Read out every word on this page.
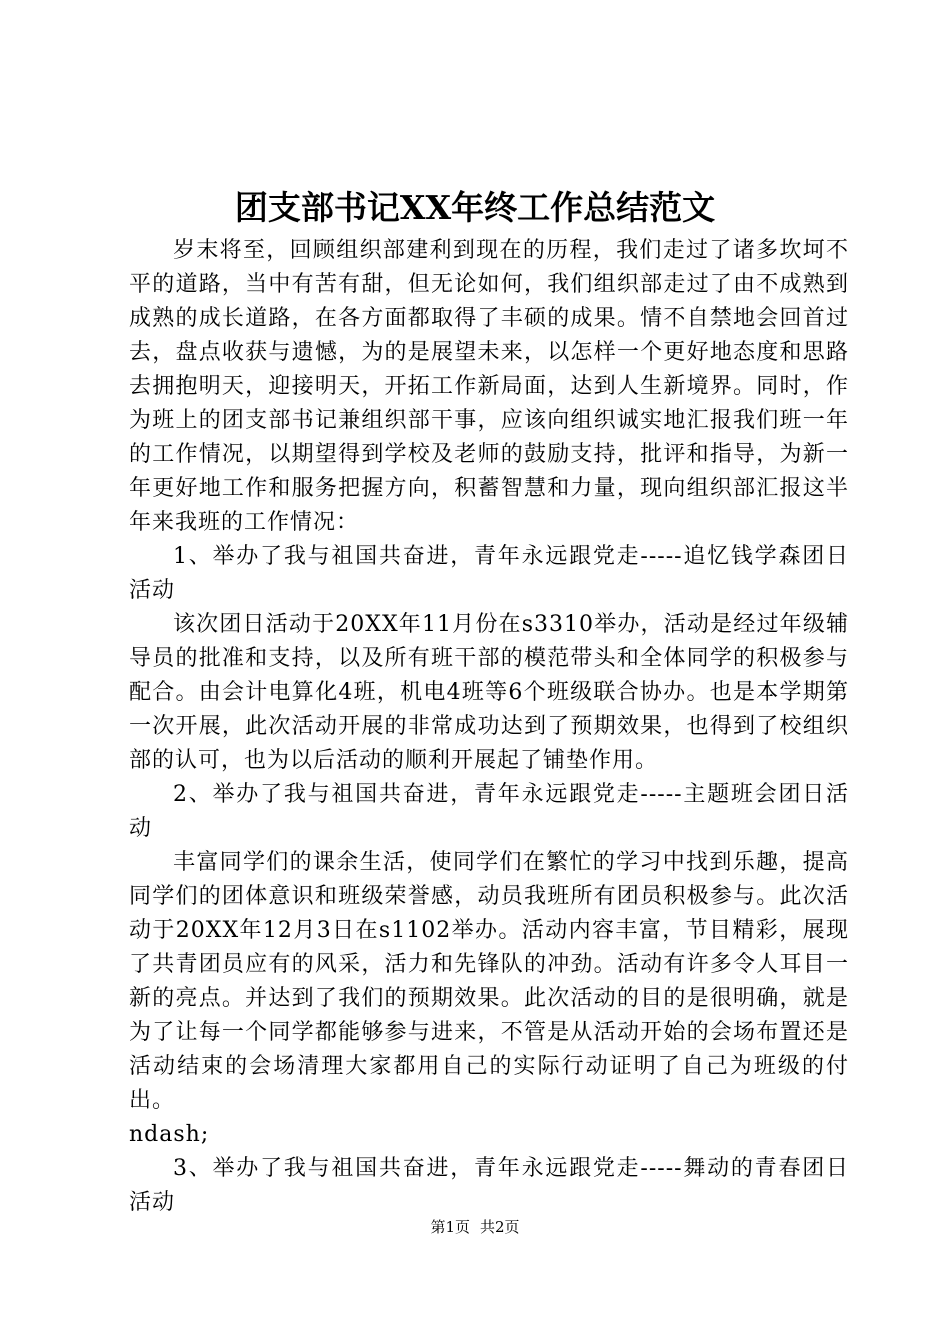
团支部书记XX年终工作总结范文

岁末将至，回顾组织部建利到现在的历程，我们走过了诸多坎坷不平的道路，当中有苦有甜，但无论如何，我们组织部走过了由不成熟到成熟的成长道路，在各方面都取得了丰硕的成果。情不自禁地会回首过去，盘点收获与遗憾，为的是展望未来，以怎样一个更好地态度和思路去拥抱明天，迎接明天，开拓工作新局面，达到人生新境界。同时，作为班上的团支部书记兼组织部干事，应该向组织诚实地汇报我们班一年的工作情况，以期望得到学校及老师的鼓励支持，批评和指导，为新一年更好地工作和服务把握方向，积蓄智慧和力量，现向组织部汇报这半年来我班的工作情况：

1、举办了我与祖国共奋进，青年永远跟党走-----追忆钱学森团日活动

该次团日活动于20XX年11月份在s3310举办，活动是经过年级辅导员的批准和支持，以及所有班干部的模范带头和全体同学的积极参与配合。由会计电算化4班，机电4班等6个班级联合协办。也是本学期第一次开展，此次活动开展的非常成功达到了预期效果，也得到了校组织部的认可，也为以后活动的顺利开展起了铺垫作用。

2、举办了我与祖国共奋进，青年永远跟党走-----主题班会团日活动

丰富同学们的课余生活，使同学们在繁忙的学习中找到乐趣，提高同学们的团体意识和班级荣誉感，动员我班所有团员积极参与。此次活动于20XX年12月3日在s1102举办。活动内容丰富，节目精彩，展现了共青团员应有的风采，活力和先锋队的冲劲。活动有许多令人耳目一新的亮点。并达到了我们的预期效果。此次活动的目的是很明确，就是为了让每一个同学都能够参与进来，不管是从活动开始的会场布置还是活动结束的会场清理大家都用自己的实际行动证明了自己为班级的付出。

ndash;

3、举办了我与祖国共奋进，青年永远跟党走-----舞动的青春团日活动

第1页 共2页
